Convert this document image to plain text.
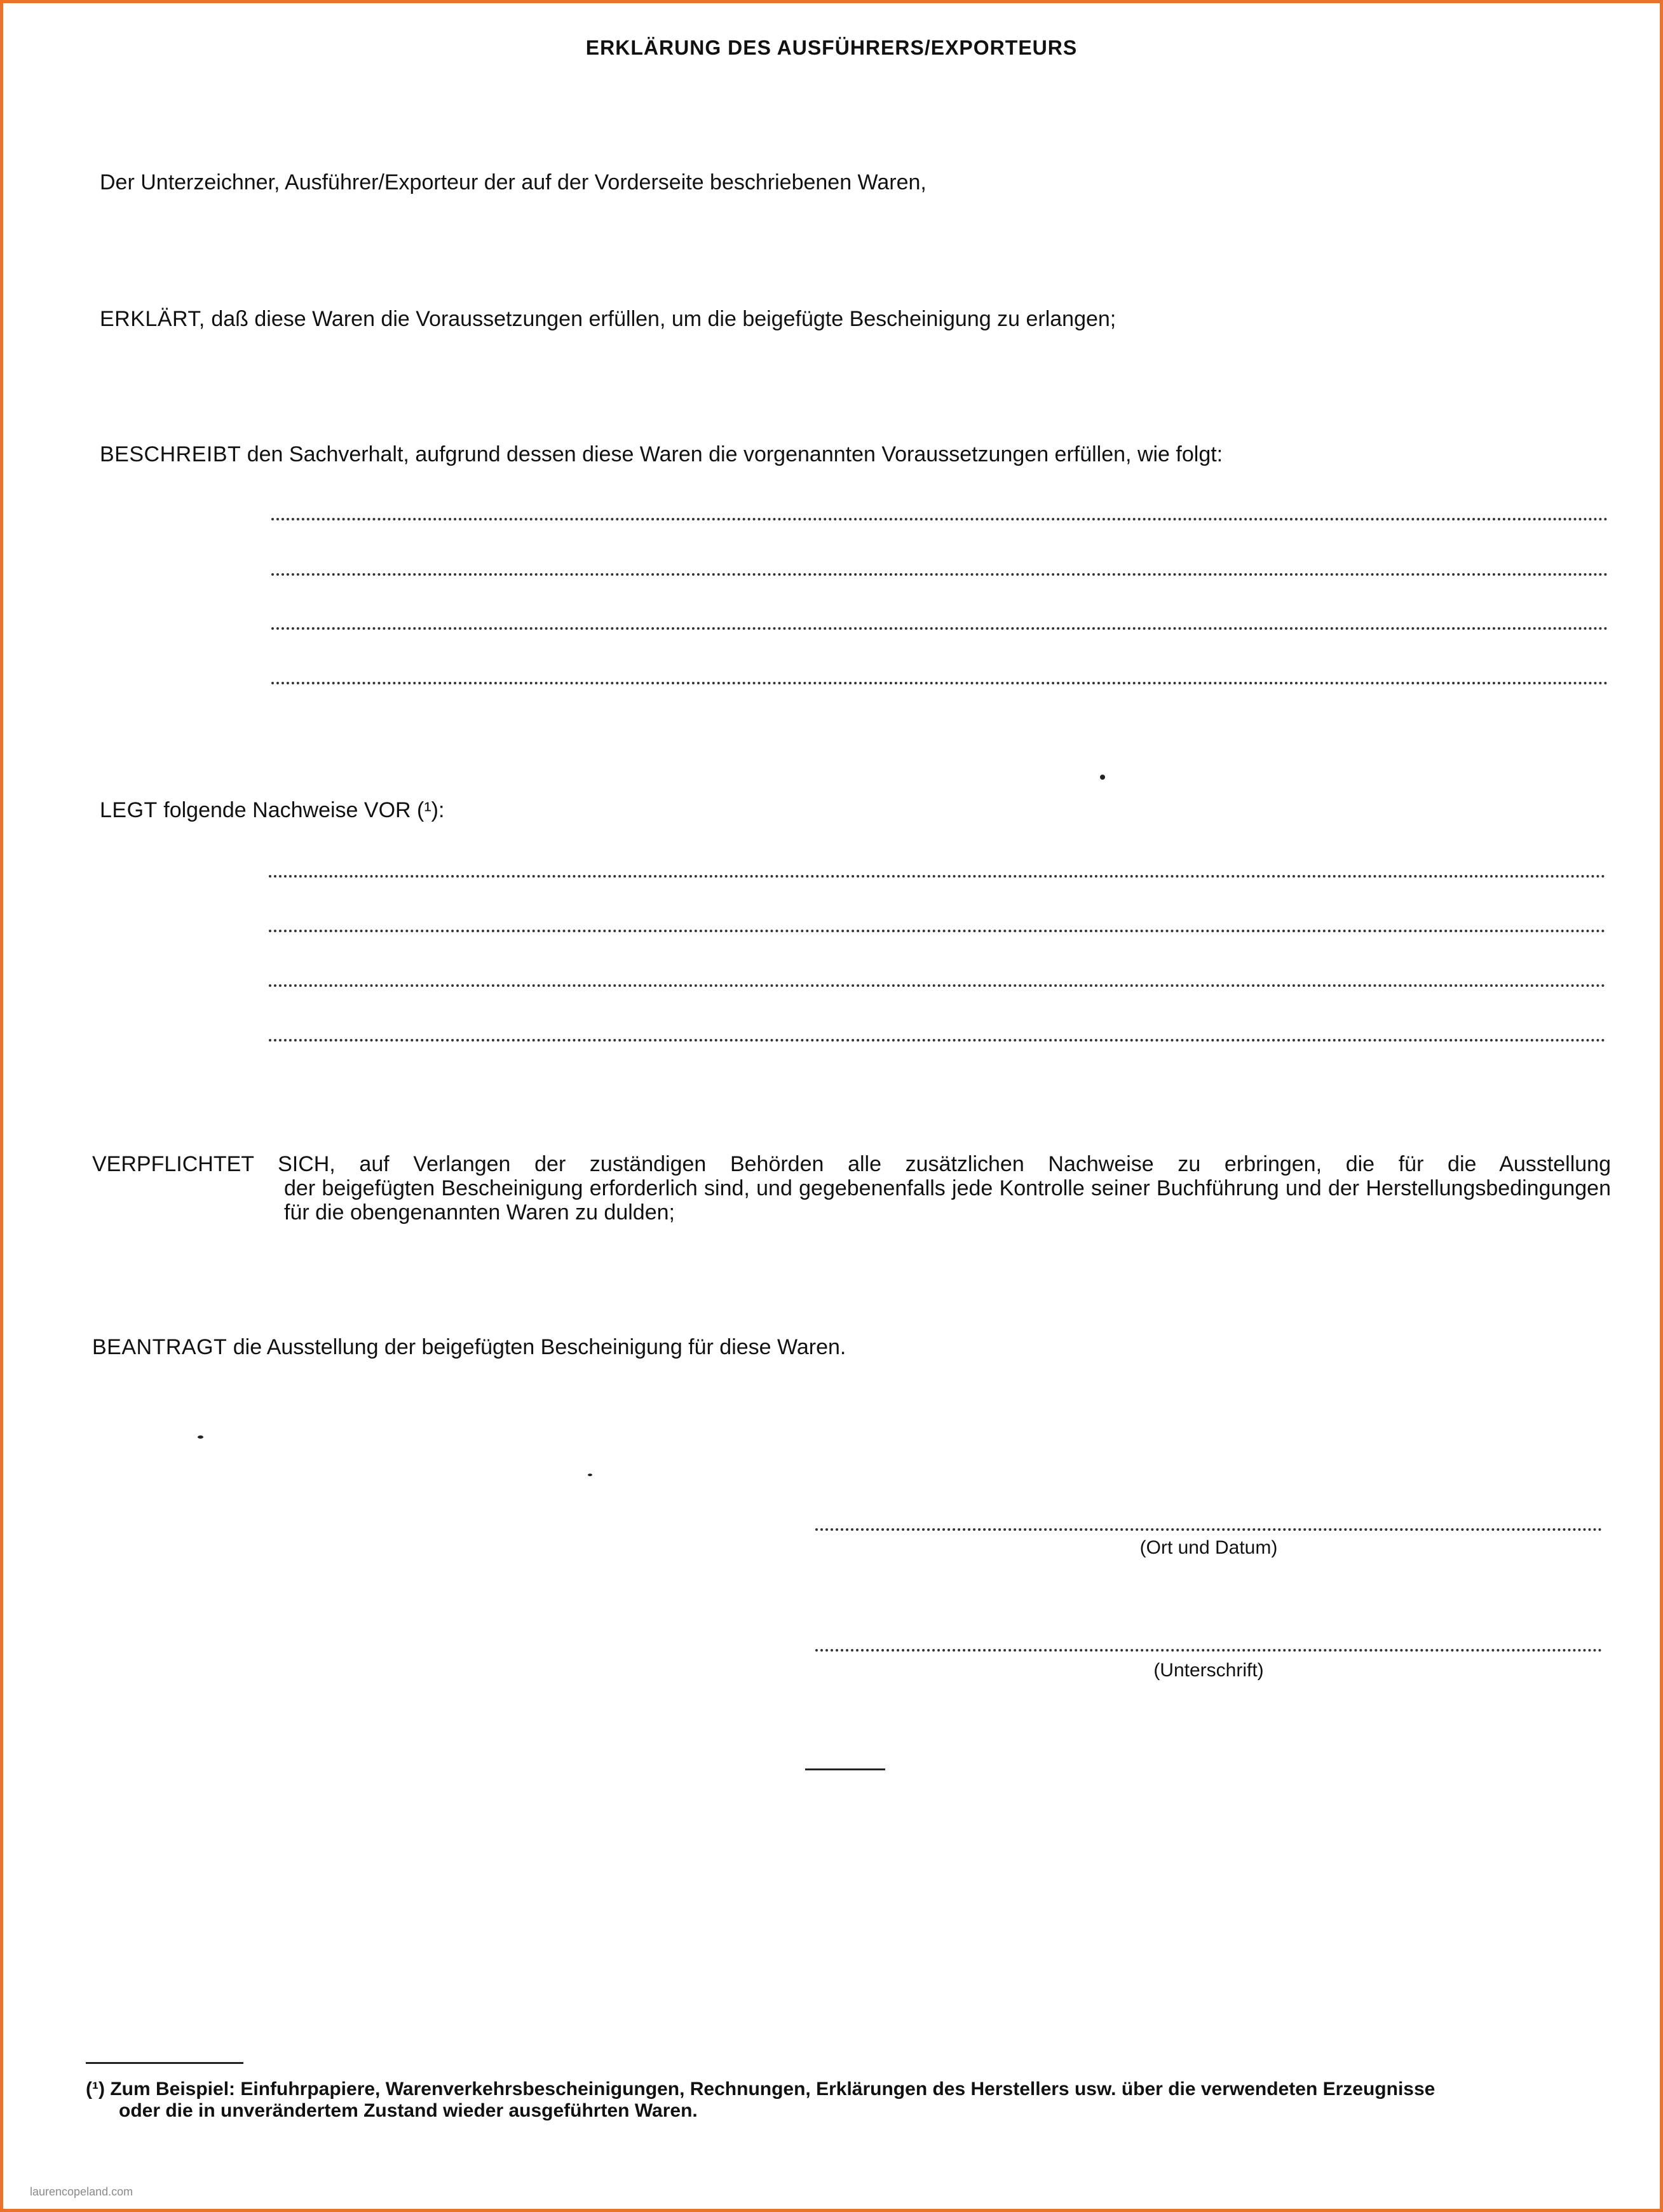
ERKLÄRUNG DES AUSFÜHRERS/EXPORTEURS
Der Unterzeichner, Ausführer/Exporteur der auf der Vorderseite beschriebenen Waren,
ERKLÄRT, daß diese Waren die Voraussetzungen erfüllen, um die beigefügte Bescheinigung zu erlangen;
BESCHREIBT den Sachverhalt, aufgrund dessen diese Waren die vorgenannten Voraussetzungen erfüllen, wie folgt:
LEGT folgende Nachweise VOR (¹):
VERPFLICHTET SICH, auf Verlangen der zuständigen Behörden alle zusätzlichen Nachweise zu erbringen, die für die Ausstellung
der beigefügten Bescheinigung erforderlich sind, und gegebenenfalls jede Kontrolle seiner Buchführung und der Herstellungsbedingungen für die obengenannten Waren zu dulden;
BEANTRAGT die Ausstellung der beigefügten Bescheinigung für diese Waren.
(Ort und Datum)
(Unterschrift)
(¹) Zum Beispiel: Einfuhrpapiere, Warenverkehrsbescheinigungen, Rechnungen, Erklärungen des Herstellers usw. über die verwendeten Erzeugnisse
oder die in unverändertem Zustand wieder ausgeführten Waren.
laurencopeland.com
